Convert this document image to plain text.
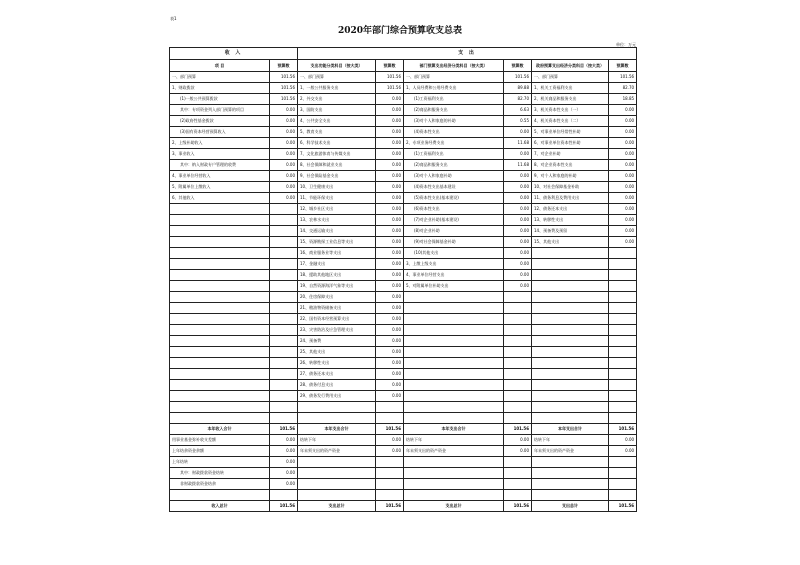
表1
2020年部门综合预算收支总表
单位：万元
收 入		支 出					
项 目	预算数	支出功能分类科目（按大类）	预算数	部门预算支出经济分类科目（按大类）	预算数	政府预算支出经济分类科目（按大类）	预算数
一、部门预算	101.56	一、部门预算	101.56	一、部门预算	101.56	一、部门预算	101.56
1、财政拨款	101.56	1、一般公共服务支出	101.56	1、人员经费和公用经费支出	89.88	1、机关工资福利支出	82.70
(1)一般公共预算拨款	101.56	2、外交支出	0.00	(1)工资福利支出	82.70	2、机关商品和服务支出	18.85
其中：专项资金列入部门预算的项目	0.00	3、国防支出	0.00	(2)商品和服务支出	6.63	3、机关资本性支出（一）	0.00
(2)政府性基金拨款	0.00	4、公共安全支出	0.00	(3)对个人和家庭的补助	0.55	4、机关资本性支出（二）	0.00
(3)国有资本经营预算收入	0.00	5、教育支出	0.00	(4)资本性支出	0.00	5、对事业单位经常性补助	0.00
2、上级补助收入	0.00	6、科学技术支出	0.00	2、专项业务经费支出	11.68	6、对事业单位资本性补助	0.00
3、事业收入	0.00	7、文化旅游体育与传媒支出	0.00	(1)工资福利支出	0.00	7、对企业补助	0.00
其中：纳入财政专户管理的收费	0.00	8、社会保障和就业支出	0.00	(2)商品和服务支出	11.68	8、对企业资本性支出	0.00
4、事业单位经营收入	0.00	9、社会保险基金支出	0.00	(3)对个人和家庭补助	0.00	9、对个人和家庭的补助	0.00
5、附属单位上缴收入	0.00	10、卫生健康支出	0.00	(4)资本性支出基本建设	0.00	10、对社会保障基金补助	0.00
6、其他收入	0.00	11、节能环保支出	0.00	(5)资本性支出(基本建设)	0.00	11、债务利息及费用支出	0.00
		12、城乡社区支出	0.00	(6)资本性支出	0.00	12、债务还本支出	0.00
		13、农林水支出	0.00	(7)对企业补助(基本建设)	0.00	13、转移性支出	0.00
		14、交通运输支出	0.00	(8)对企业补助	0.00	14、预备费及预留	0.00
		15、资源勘探工业信息等支出	0.00	(9)对社会保障基金补助	0.00	15、其他支出	0.00
		16、商业服务业等支出	0.00	(10)其他支出	0.00		
		17、金融支出	0.00	3、上缴上级支出	0.00		
		18、援助其他地区支出	0.00	4、事业单位经营支出	0.00		
		19、自然资源海洋气象等支出	0.00	5、对附属单位补助支出	0.00		
		20、住房保障支出	0.00				
		21、粮油物资储备支出	0.00				
		22、国有资本经营预算支出	0.00				
		23、灾害防治及应急管理支出	0.00				
		24、预备费	0.00				
		25、其他支出	0.00				
		26、转移性支出	0.00				
		27、债务还本支出	0.00				
		28、债务付息支出	0.00				
		29、债务发行费用支出	0.00				

本年收入合计	101.56	本年支出合计	101.56	本年支出合计	101.56	本年支出合计	101.56
用事业基金弥补收支差额	0.00	结转下年	0.00	结转下年	0.00	结转下年	0.00
上年结余资金余额	0.00	年末须支出的资产资金	0.00	年末须支出的资产资金	0.00	年末须支出的资产资金	0.00
上年结转	0.00						
其中：财政拨款资金结转	0.00						
非财政拨款资金结余	0.00						

收入总计	101.56	支出总计	101.56	支出总计	101.56	支出总计	101.56
